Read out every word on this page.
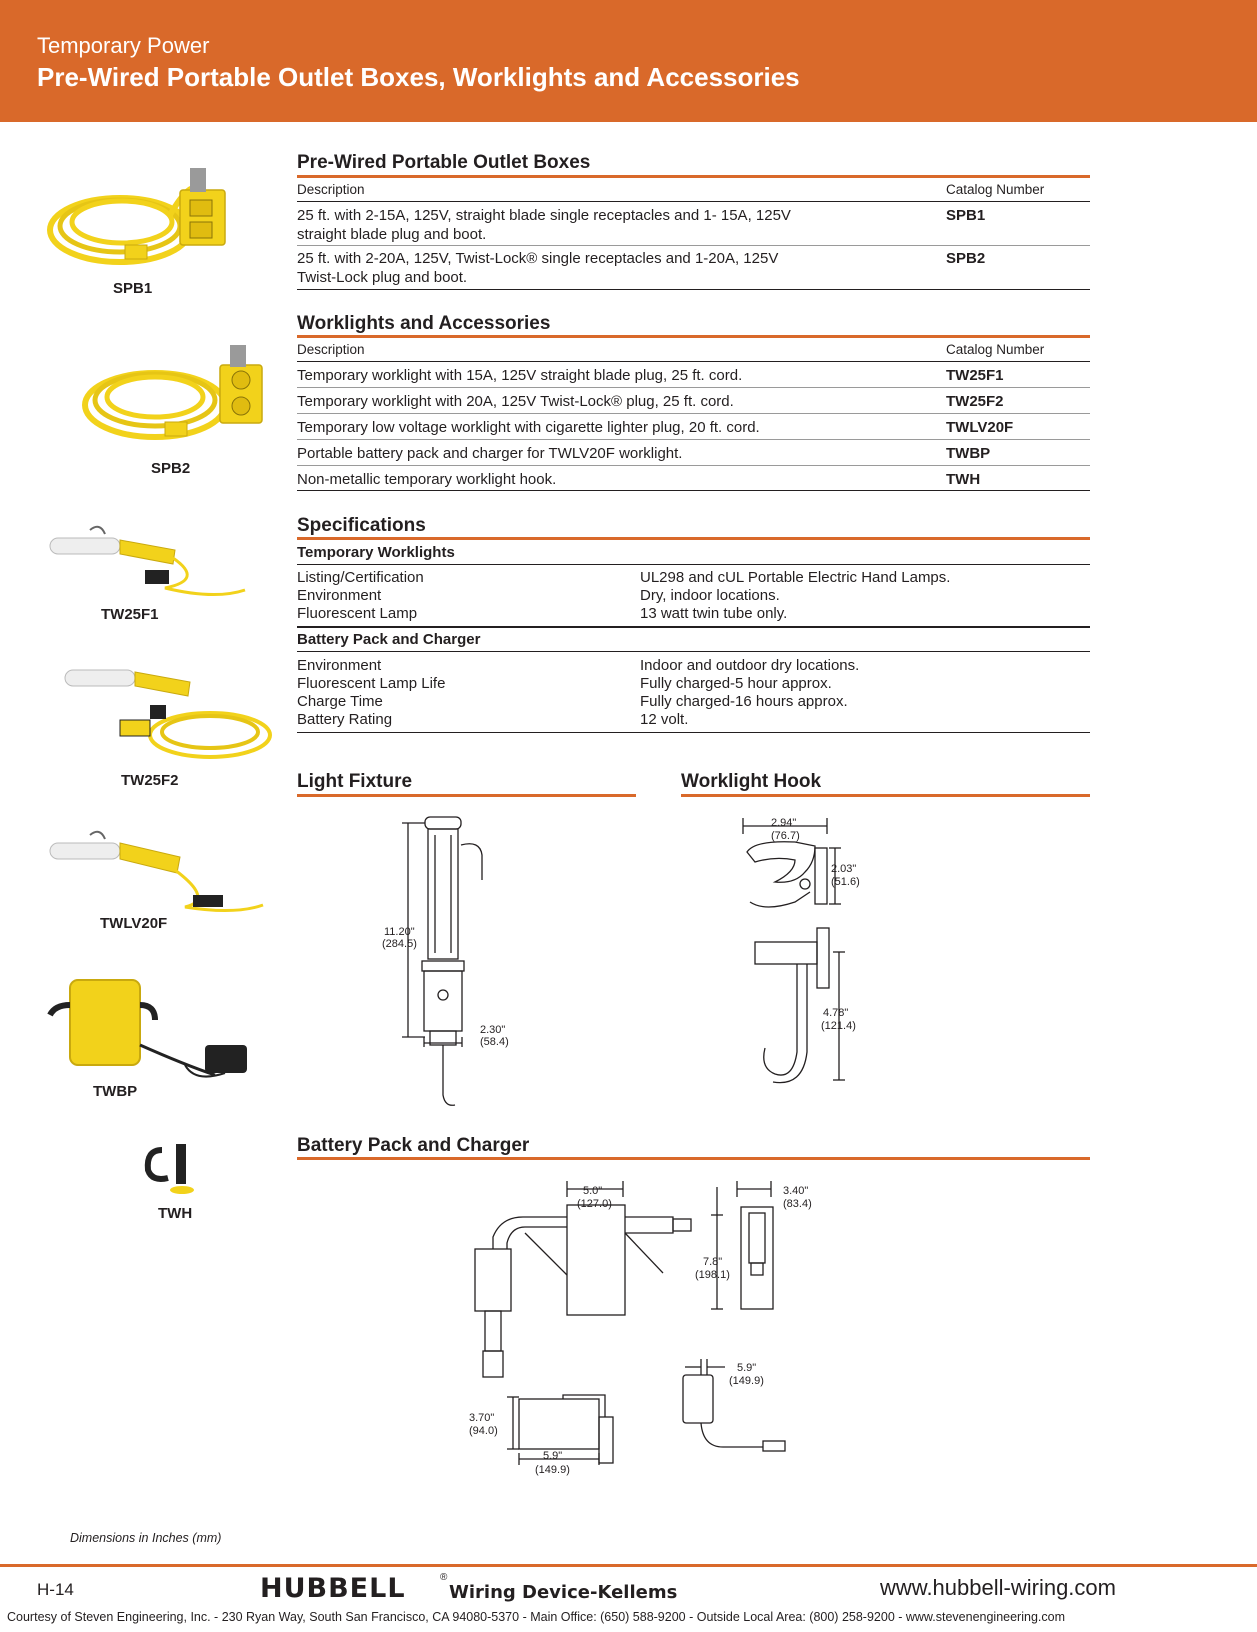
Temporary Power
Pre-Wired Portable Outlet Boxes, Worklights and Accessories
SPB1
SPB2
TW25F1
TW25F2
TWLV20F
TWBP
TWH
Pre-Wired Portable Outlet Boxes
Description	Catalog Number
25 ft. with 2-15A, 125V, straight blade single receptacles and 1- 15A, 125V
straight blade plug and boot.
SPB1
25 ft. with 2-20A, 125V, Twist-Lock® single receptacles and 1-20A, 125V
Twist-Lock plug and boot.
SPB2
Worklights and Accessories
Description	Catalog Number
Temporary worklight with 15A, 125V straight blade plug, 25 ft. cord.	TW25F1
Temporary worklight with 20A, 125V Twist-Lock® plug, 25 ft. cord.	TW25F2
Temporary low voltage worklight with cigarette lighter plug, 20 ft. cord.	TWLV20F
Portable battery pack and charger for TWLV20F worklight.	TWBP
Non-metallic temporary worklight hook.	TWH
Specifications
Temporary Worklights
Listing/Certification	UL298 and cUL Portable Electric Hand Lamps.
Environment	Dry, indoor locations.
Fluorescent Lamp	13 watt twin tube only.
Battery Pack and Charger
Environment	Indoor and outdoor dry locations.
Fluorescent Lamp Life	Fully charged-5 hour approx.
Charge Time	Fully charged-16 hours approx.
Battery Rating	12 volt.
Light Fixture
11.20"
(284.5)
2.30"
(58.4)
Worklight Hook
2.94"
(76.7)
2.03"
(51.6)
4.78"
(121.4)
Battery Pack and Charger
5.0"
(127.0)
3.40"
(83.4)
7.8"
(198.1)
5.9"
(149.9)
3.70"
(94.0)
5.9"
(149.9)
Dimensions in Inches (mm)
H-14	HUBBELL	®
Wiring Device-Kellems	www.hubbell-wiring.com
Courtesy of Steven Engineering, Inc. - 230 Ryan Way, South San Francisco, CA 94080-5370 - Main Office: (650) 588-9200 - Outside Local Area: (800) 258-9200 - www.stevenengineering.com
